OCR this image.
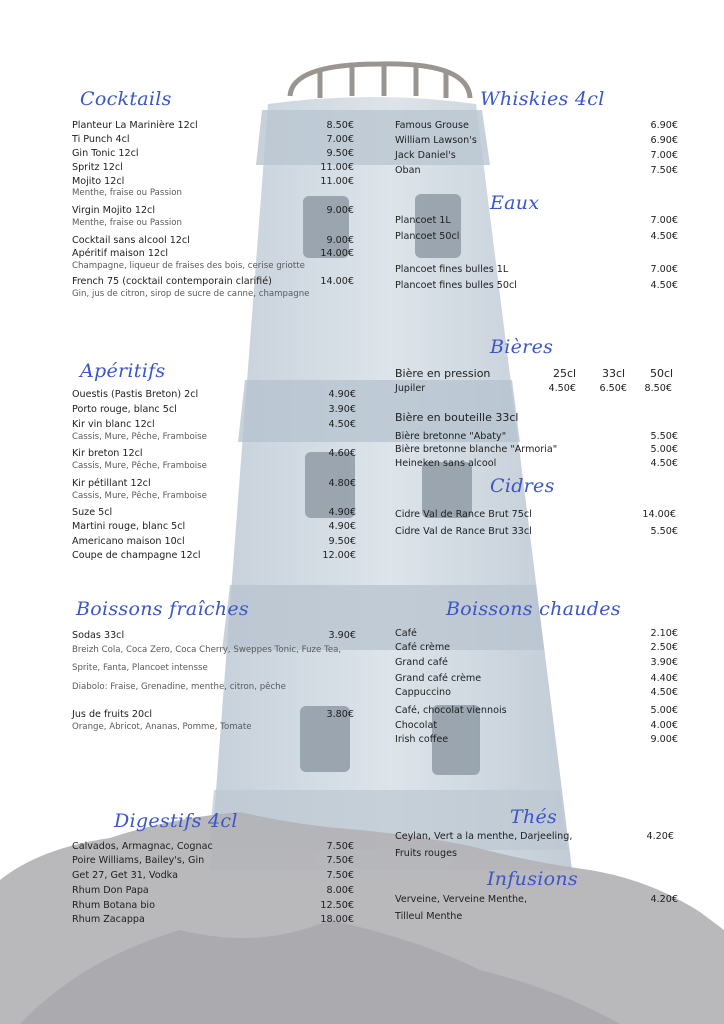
Cocktails
Planteur La Marinière 12cl	8.50€
Ti Punch 4cl	7.00€
Gin Tonic 12cl	9.50€
Spritz 12cl	11.00€
Mojito 12cl	11.00€
Menthe, fraise ou Passion
Virgin Mojito 12cl	9.00€
Menthe, fraise ou Passion
Cocktail sans alcool 12cl	9.00€
Apéritif maison 12cl	14.00€
Champagne, liqueur de fraises des bois, cerise griotte
French 75 (cocktail contemporain clarifié)	14.00€
Gin, jus de citron, sirop de sucre de canne, champagne
Apéritifs
Ouestis (Pastis Breton) 2cl	4.90€
Porto rouge, blanc 5cl	3.90€
Kir vin blanc 12cl	4.50€
Cassis, Mure, Pêche, Framboise
Kir breton 12cl	4.60€
Cassis, Mure, Pêche, Framboise
Kir pétillant 12cl	4.80€
Cassis, Mure, Pêche, Framboise
Suze 5cl	4.90€
Martini rouge, blanc 5cl	4.90€
Americano maison 10cl	9.50€
Coupe de champagne 12cl	12.00€
Boissons fraîches
Sodas 33cl	3.90€
Breizh Cola, Coca Zero, Coca Cherry, Sweppes Tonic, Fuze Tea,
Sprite, Fanta, Plancoet intensse
Diabolo: Fraise, Grenadine, menthe, citron, pêche
Jus de fruits 20cl	3.80€
Orange, Abricot, Ananas, Pomme, Tomate
Digestifs 4cl
Calvados, Armagnac, Cognac	7.50€
Poire Williams, Bailey's, Gin	7.50€
Get 27, Get 31, Vodka	7.50€
Rhum Don Papa	8.00€
Rhum Botana bio	12.50€
Rhum Zacappa	18.00€
Whiskies 4cl
Famous Grouse	6.90€
William Lawson's	6.90€
Jack Daniel's	7.00€
Oban	7.50€
Eaux
Plancoet 1L	7.00€
Plancoet 50cl	4.50€
Plancoet fines bulles 1L	7.00€
Plancoet fines bulles 50cl	4.50€
Bières
Bière en pression	25cl 33cl 50cl
Jupiler	4.50€ 6.50€ 8.50€
Bière en bouteille 33cl
Bière bretonne "Abaty"	5.50€
Bière bretonne blanche "Armoria"	5.00€
Heineken sans alcool	4.50€
Cidres
Cidre Val de Rance Brut 75cl	14.00€
Cidre Val de Rance Brut 33cl	5.50€
Boissons chaudes
Café	2.10€
Café crème	2.50€
Grand café	3.90€
Grand café crème	4.40€
Cappuccino	4.50€
Café, chocolat viennois	5.00€
Chocolat	4.00€
Irish coffee	9.00€
Thés
Ceylan, Vert a la menthe, Darjeeling,	4.20€
Fruits rouges
Infusions
Verveine, Verveine Menthe,	4.20€
Tilleul Menthe
